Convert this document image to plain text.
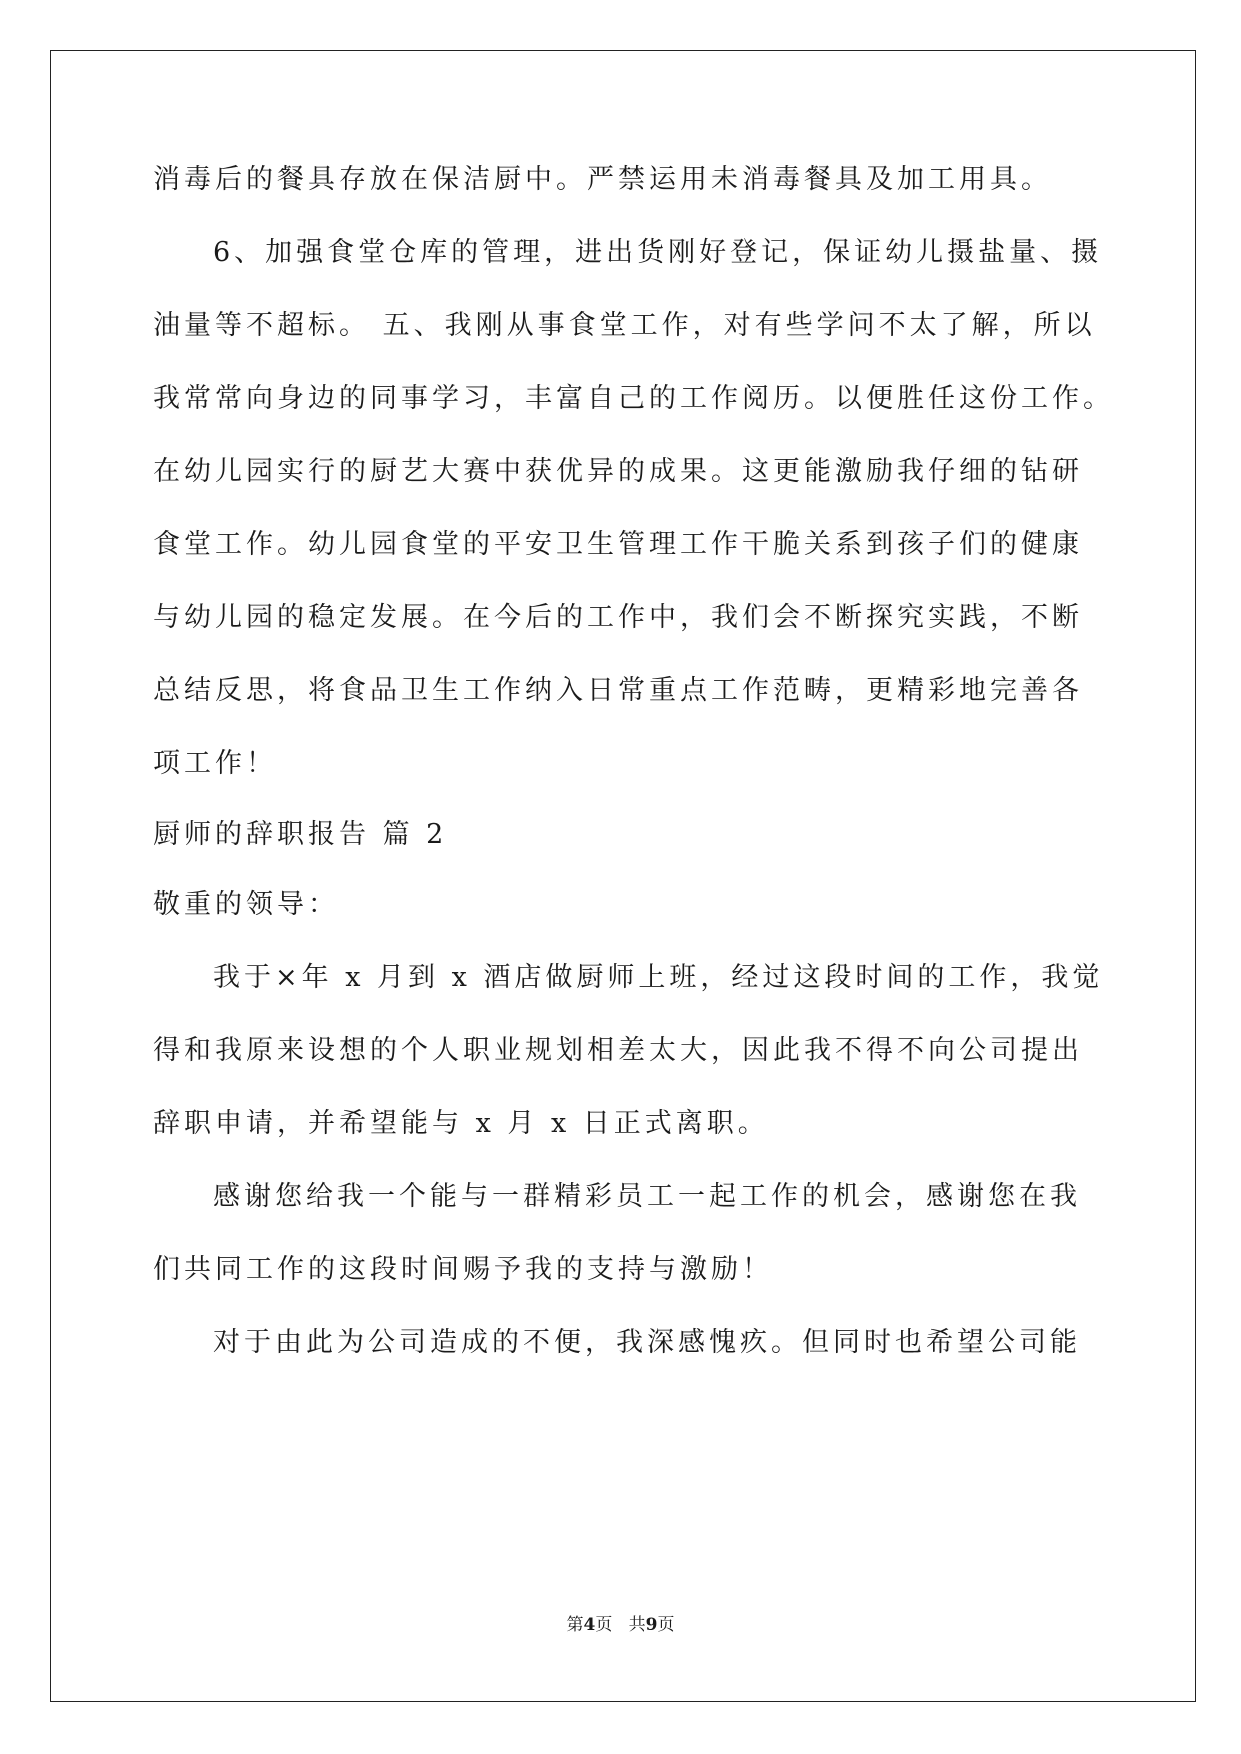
消毒后的餐具存放在保洁厨中。严禁运用未消毒餐具及加工用具。
6、加强食堂仓库的管理，进出货刚好登记，保证幼儿摄盐量、摄
油量等不超标。 五、我刚从事食堂工作，对有些学问不太了解，所以
我常常向身边的同事学习，丰富自己的工作阅历。以便胜任这份工作。
在幼儿园实行的厨艺大赛中获优异的成果。这更能激励我仔细的钻研
食堂工作。幼儿园食堂的平安卫生管理工作干脆关系到孩子们的健康
与幼儿园的稳定发展。在今后的工作中，我们会不断探究实践，不断
总结反思，将食品卫生工作纳入日常重点工作范畴，更精彩地完善各
项工作！
厨师的辞职报告 篇 2
敬重的领导：
我于×年 x 月到 x 酒店做厨师上班，经过这段时间的工作，我觉
得和我原来设想的个人职业规划相差太大，因此我不得不向公司提出
辞职申请，并希望能与 x 月 x 日正式离职。
感谢您给我一个能与一群精彩员工一起工作的机会，感谢您在我
们共同工作的这段时间赐予我的支持与激励！
对于由此为公司造成的不便，我深感愧疚。但同时也希望公司能
第4页   共9页
